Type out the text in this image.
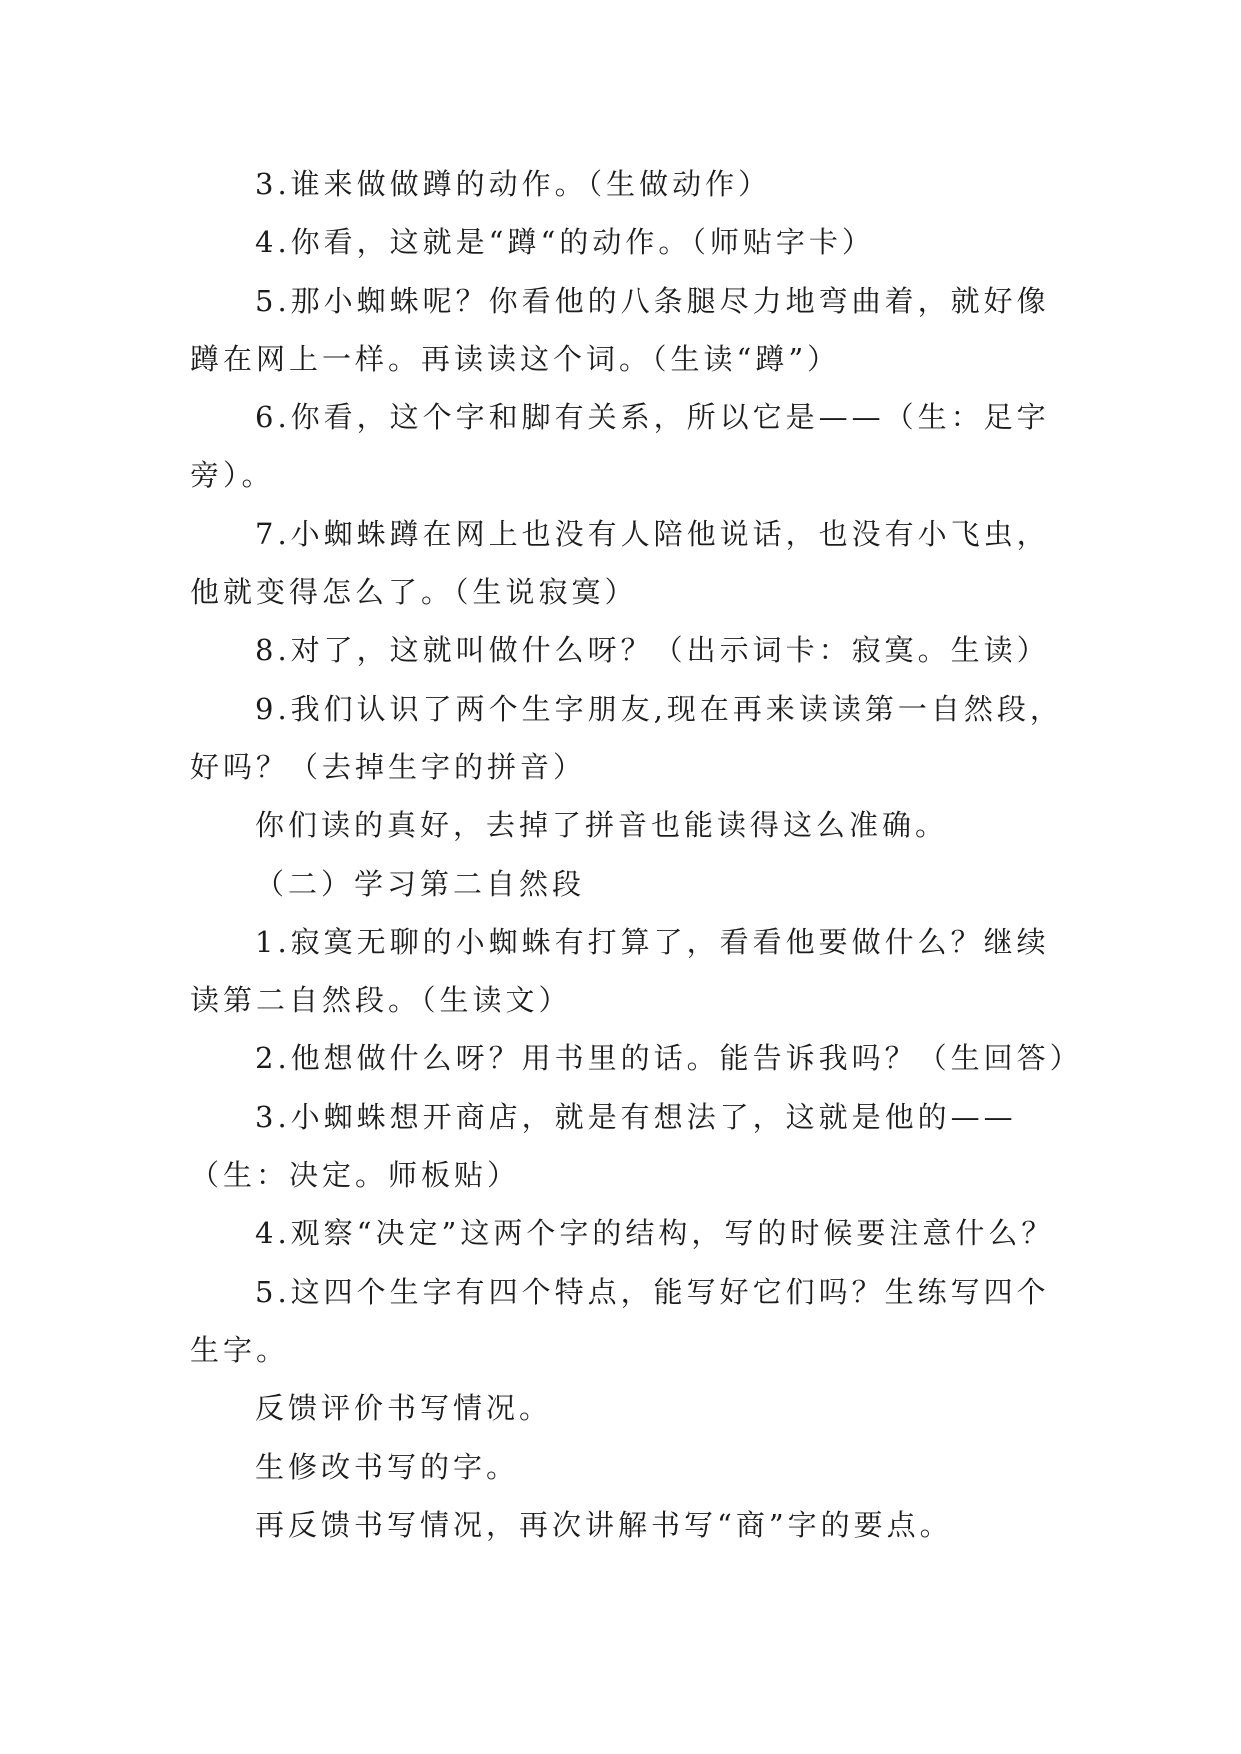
3.谁来做做蹲的动作。（生做动作）
4.你看，这就是“蹲“的动作。（师贴字卡）
5.那小蜘蛛呢？你看他的八条腿尽力地弯曲着，就好像
蹲在网上一样。再读读这个词。（生读“蹲”）
6.你看，这个字和脚有关系，所以它是——（生：足字
旁）。
7.小蜘蛛蹲在网上也没有人陪他说话，也没有小飞虫，
他就变得怎么了。（生说寂寞）
8.对了，这就叫做什么呀？（出示词卡：寂寞。生读）
9.我们认识了两个生字朋友,现在再来读读第一自然段，
好吗？（去掉生字的拼音）
你们读的真好，去掉了拼音也能读得这么准确。
（二）学习第二自然段
1.寂寞无聊的小蜘蛛有打算了，看看他要做什么？继续
读第二自然段。（生读文）
2.他想做什么呀？用书里的话。能告诉我吗？（生回答）
3.小蜘蛛想开商店，就是有想法了，这就是他的——
（生：决定。师板贴）
4.观察“决定”这两个字的结构，写的时候要注意什么？
5.这四个生字有四个特点，能写好它们吗？生练写四个
生字。
反馈评价书写情况。
生修改书写的字。
再反馈书写情况，再次讲解书写“商”字的要点。
